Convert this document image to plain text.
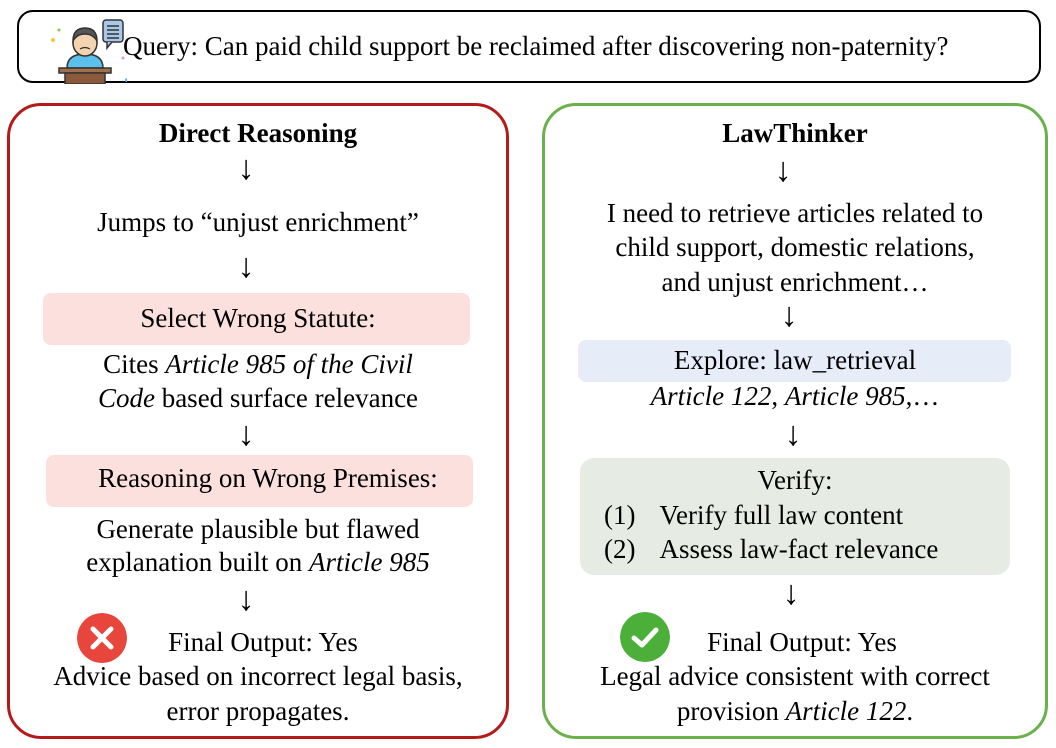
Query: Can paid child support be reclaimed after discovering non-paternity?
Direct Reasoning
↓
Jumps to “unjust enrichment”
↓
Select Wrong Statute:
Cites Article 985 of the Civil
Code based surface relevance
↓
Reasoning on Wrong Premises:
Generate plausible but flawed
explanation built on Article 985
↓
Final Output: Yes
Advice based on incorrect legal basis,
error propagates.
LawThinker
↓
I need to retrieve articles related to
child support, domestic relations,
and unjust enrichment…
↓
Explore: law_retrieval
Article 122, Article 985,…
↓
Verify:
(1) Verify full law content
(2) Assess law-fact relevance
↓
Final Output: Yes
Legal advice consistent with correct
provision Article 122.
